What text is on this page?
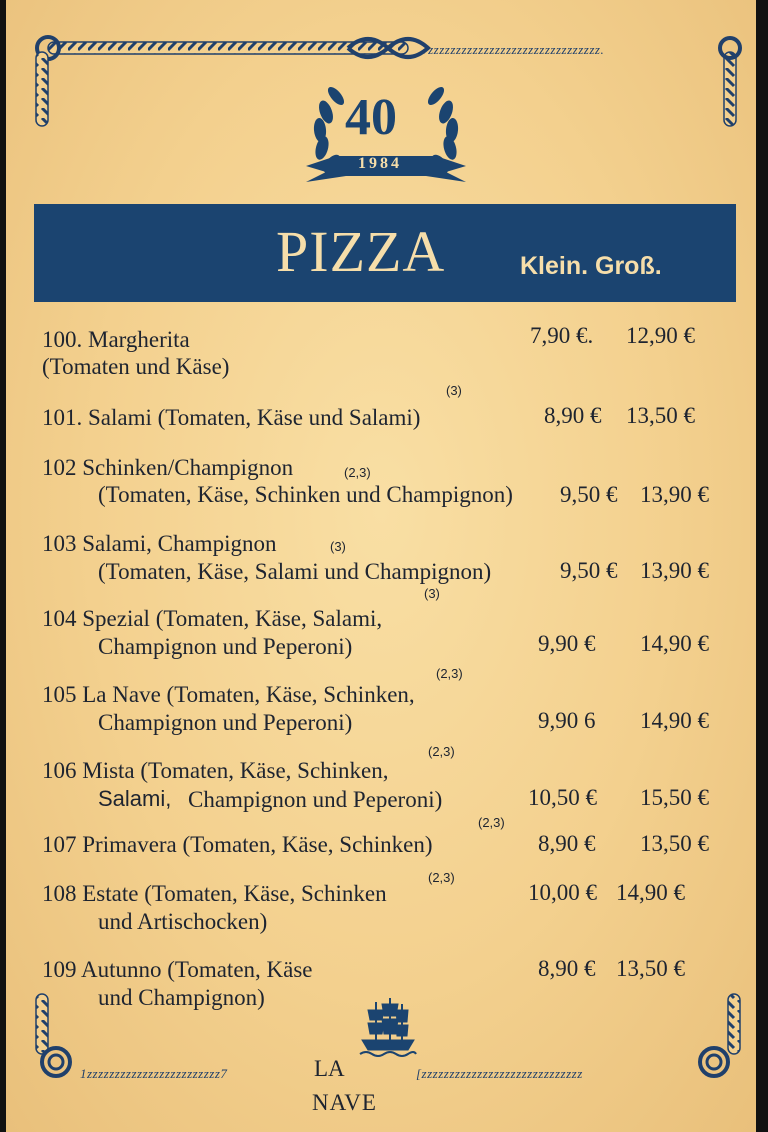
/zzzzzzzzzzzzzzzzzzzzzzzzzzzzzzz.
40
1984
PIZZA	Klein. Groß.
100. Margherita
(Tomaten und Käse)
7,90 €. 12,90 €
(3)
101. Salami (Tomaten, Käse und Salami)	8,90 € 13,50 €
102 Schinken/Champignon	(2,3)
(Tomaten, Käse, Schinken und Champignon) 9,50 € 13,90 €
103 Salami, Champignon	(3)
(Tomaten, Käse, Salami und Champignon)	9,50 € 13,90 €
(3)
104 Spezial (Tomaten, Käse, Salami,
Champignon und Peperoni)	9,90 € 14,90 €
(2,3)
105 La Nave (Tomaten, Käse, Schinken,
Champignon und Peperoni)	9,90 6 14,90 €
(2,3)
106 Mista (Tomaten, Käse, Schinken,
Salami, Champignon und Peperoni)	10,50 € 15,50 €
(2,3)
107 Primavera (Tomaten, Käse, Schinken)	8,90 € 13,50 €
108 Estate (Tomaten, Käse, Schinken
(2,3)
und Artischocken)
10,00 € 14,90 €
109 Autunno (Tomaten, Käse
und Champignon)
8,90 € 13,50 €
1zzzzzzzzzzzzzzzzzzzzzzzz7	[zzzzzzzzzzzzzzzzzzzzzzzzzzzzz
LA
NAVE
